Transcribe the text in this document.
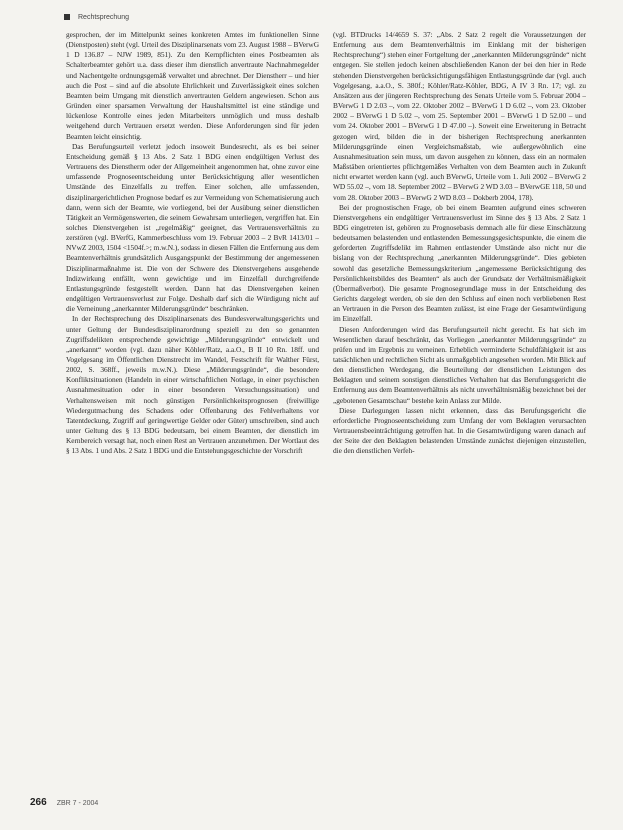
Rechtsprechung

gesprochen, der im Mittelpunkt seines konkreten Amtes im funktionellen Sinne (Dienstposten) steht (vgl. Urteil des Disziplinarsenats vom 23. August 1988 – BVerwG 1 D 136.87 – NJW 1989, 851). Zu den Kernpflichten eines Postbeamten als Schalterbeamter gehört u.a. dass dieser ihm dienstlich anvertraute Nachnahmegelder und Nachentgelte ordnungsgemäß verwaltet und abrechnet. Der Dienstherr – und hier auch die Post – sind auf die absolute Ehrlichkeit und Zuverlässigkeit eines solchen Beamten beim Umgang mit dienstlich anvertrauten Geldern angewiesen. Schon aus Gründen einer sparsamen Verwaltung der Haushaltsmittel ist eine ständige und lückenlose Kontrolle eines jeden Mitarbeiters unmöglich und muss deshalb weitgehend durch Vertrauen ersetzt werden. Diese Anforderungen sind für jeden Beamten leicht einsichtig.

Das Berufungsurteil verletzt jedoch insoweit Bundesrecht, als es bei seiner Entscheidung gemäß § 13 Abs. 2 Satz 1 BDG einen endgültigen Verlust des Vertrauens des Dienstherrn oder der Allgemeinheit angenommen hat, ohne zuvor eine umfassende Prognoseentscheidung unter Berücksichtigung aller wesentlichen Umstände des Einzelfalls zu treffen. Einer solchen, alle umfassenden, disziplinargerichtlichen Prognose bedarf es zur Vermeidung von Schematisierung auch dann, wenn sich der Beamte, wie vorliegend, bei der Ausübung seiner dienstlichen Tätigkeit an Vermögenswerten, die seinem Gewahrsam unterliegen, vergriffen hat. Ein solches Dienstvergehen ist „regelmäßig“ geeignet, das Vertrauensverhältnis zu zerstören (vgl. BVerfG, Kammerbeschluss vom 19. Februar 2003 – 2 BvR 1413/01 – NVwZ 2003, 1504 <1504f.>; m.w.N.), sodass in diesen Fällen die Entfernung aus dem Beamtenverhältnis grundsätzlich Ausgangspunkt der Bestimmung der angemessenen Disziplinarmaßnahme ist. Die von der Schwere des Dienstvergehens ausgehende Indizwirkung entfällt, wenn gewichtige und im Einzelfall durchgreifende Entlastungsgründe festgestellt werden. Dann hat das Dienstvergehen keinen endgültigen Vertrauensverlust zur Folge. Deshalb darf sich die Würdigung nicht auf die Verneinung „anerkannter Milderungsgründe“ beschränken.

In der Rechtsprechung des Disziplinarsenats des Bundesverwaltungsgerichts und unter Geltung der Bundesdisziplinarordnung speziell zu den so genannten Zugriffsdelikten entsprechende gewichtige „Milderungsgründe“ entwickelt und „anerkannt“ worden (vgl. dazu näher Köhler/Ratz, a.a.O., B II 10 Rn. 18ff. und Vogelgesang im Öffentlichen Dienstrecht im Wandel, Festschrift für Walther Fürst, 2002, S. 368ff., jeweils m.w.N.). Diese „Milderungsgründe“, die besondere Konfliktsituationen (Handeln in einer wirtschaftlichen Notlage, in einer psychischen Ausnahmesituation oder in einer besonderen Versuchungssituation) und Verhaltensweisen mit noch günstigen Persönlichkeitsprognosen (freiwillige Wiedergutmachung des Schadens oder Offenbarung des Fehlverhaltens vor Tatentdeckung, Zugriff auf geringwertige Gelder oder Güter) umschreiben, sind auch unter Geltung des § 13 BDG bedeutsam, bei einem Beamten, der dienstlich im Kernbereich versagt hat, noch einen Rest an Vertrauen anzunehmen. Der Wortlaut des § 13 Abs. 1 und Abs. 2 Satz 1 BDG und die Entstehungsgeschichte der Vorschrift

(vgl. BTDrucks 14/4659 S. 37: „Abs. 2 Satz 2 regelt die Voraussetzungen der Entfernung aus dem Beamtenverhältnis im Einklang mit der bisherigen Rechtsprechung“) stehen einer Fortgeltung der „anerkannten Milderungsgründe“ nicht entgegen. Sie stellen jedoch keinen abschließenden Kanon der bei den hier in Rede stehenden Dienstvergehen berücksichtigungsfähigen Entlastungsgründe dar (vgl. auch Vogelgesang, a.a.O., S. 380f.; Köhler/Ratz-Köhler, BDG, A IV 3 Rn. 17; vgl. zu Ansätzen aus der jüngeren Rechtsprechung des Senats Urteile vom 5. Februar 2004 – BVerwG 1 D 2.03 –, vom 22. Oktober 2002 – BVerwG 1 D 6.02 –, vom 23. Oktober 2002 – BVerwG 1 D 5.02 –, vom 25. September 2001 – BVerwG 1 D 52.00 – und vom 24. Oktober 2001 – BVerwG 1 D 47.00 –). Soweit eine Erweiterung in Betracht gezogen wird, bilden die in der bisherigen Rechtsprechung anerkannten Milderungsgründe einen Vergleichsmaßstab, wie außergewöhnlich eine Ausnahmesituation sein muss, um davon ausgehen zu können, dass ein an normalen Maßstäben orientiertes pflichtgemäßes Verhalten von dem Beamten auch in Zukunft nicht erwartet werden kann (vgl. auch BVerwG, Urteile vom 1. Juli 2002 – BVerwG 2 WD 55.02 –, vom 18. September 2002 – BVerwG 2 WD 3.03 – BVerwGE 118, 50 und vom 28. Oktober 2003 – BVerwG 2 WD 8.03 – Dokberb 2004, 178).

Bei der prognostischen Frage, ob bei einem Beamten aufgrund eines schweren Dienstvergehens ein endgültiger Vertrauensverlust im Sinne des § 13 Abs. 2 Satz 1 BDG eingetreten ist, gehören zu Prognosebasis demnach alle für diese Einschätzung bedeutsamen belastenden und entlastenden Bemessungsgesichtspunkte, die einem die geforderten Zugriffsdelikt im Rahmen entlastender Umstände also nicht nur die bislang von der Rechtsprechung „anerkannten Milderungsgründe“. Dies gebieten sowohl das gesetzliche Bemessungskriterium „angemessene Berücksichtigung des Persönlichkeitsbildes des Beamten“ als auch der Grundsatz der Verhältnismäßigkeit (Übermaßverbot). Die gesamte Prognosegrundlage muss in der Entscheidung des Gerichts dargelegt werden, ob sie den den Schluss auf einen noch verbliebenen Rest an Vertrauen in die Person des Beamten zulässt, ist eine Frage der Gesamtwürdigung im Einzelfall.

Diesen Anforderungen wird das Berufungsurteil nicht gerecht. Es hat sich im Wesentlichen darauf beschränkt, das Vorliegen „anerkannter Milderungsgründe“ zu prüfen und im Ergebnis zu verneinen. Erheblich verminderte Schuldfähigkeit ist aus tatsächlichen und rechtlichen Sicht als unmaßgeblich angesehen worden. Mit Blick auf den dienstlichen Werdegang, die Beurteilung der dienstlichen Leistungen des Beklagten und seinem sonstigen dienstliches Verhalten hat das Berufungsgericht die Entfernung aus dem Beamtenverhältnis als nicht unverhältnismäßig bezeichnet bei der „gebotenen Gesamtschau“ bestehe kein Anlass zur Milde.

Diese Darlegungen lassen nicht erkennen, dass das Berufungsgericht die erforderliche Prognoseentscheidung zum Umfang der vom Beklagten verursachten Vertrauensbeeinträchtigung getroffen hat. In die Gesamtwürdigung waren danach auf der Seite der den Beklagten belastenden Umstände zunächst diejenigen einzustellen, die den dienstlichen Verfeh-

266 ZBR 7 - 2004
